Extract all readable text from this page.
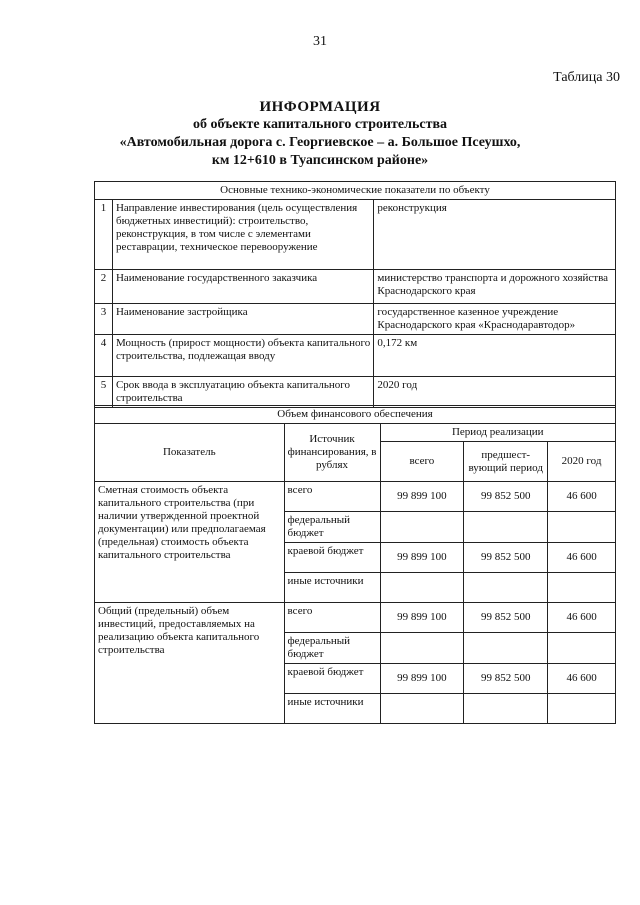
31
Таблица 30
ИНФОРМАЦИЯ
об объекте капитального строительства
«Автомобильная дорога с. Георгиевское – а. Большое Псеушхо,
км 12+610 в Туапсинском районе»
Основные технико-экономические показатели по объекту		
1	Направление инвестирования (цель осуществления бюджетных инвестиций): строительство, реконструкция, в том числе с элементами реставрации, техническое перевооружение	реконструкция
2	Наименование государственного заказчика	министерство транспорта и дорожного хозяйства Краснодарского края
3	Наименование застройщика	государственное казенное учреждение Краснодарского края «Краснодаравтодор»
4	Мощность (прирост мощности) объекта капитального строительства, подлежащая вводу	0,172 км
5	Срок ввода в эксплуатацию объекта капитального строительства	2020 год
Объем финансового обеспечения				
Показатель	Источник финансирования, в рублях	Период реализации		
		всего	предшест-вующий период	2020 год
Сметная стоимость объекта капитального строительства (при наличии утвержденной проектной документации) или предполагаемая (предельная) стоимость объекта капитального строительства	всего	99 899 100	99 852 500	46 600
	федеральный бюджет			
	краевой бюджет	99 899 100	99 852 500	46 600
	иные источники			
Общий (предельный) объем инвестиций, предоставляемых на реализацию объекта капитального строительства	всего	99 899 100	99 852 500	46 600
	федеральный бюджет			
	краевой бюджет	99 899 100	99 852 500	46 600
	иные источники			
